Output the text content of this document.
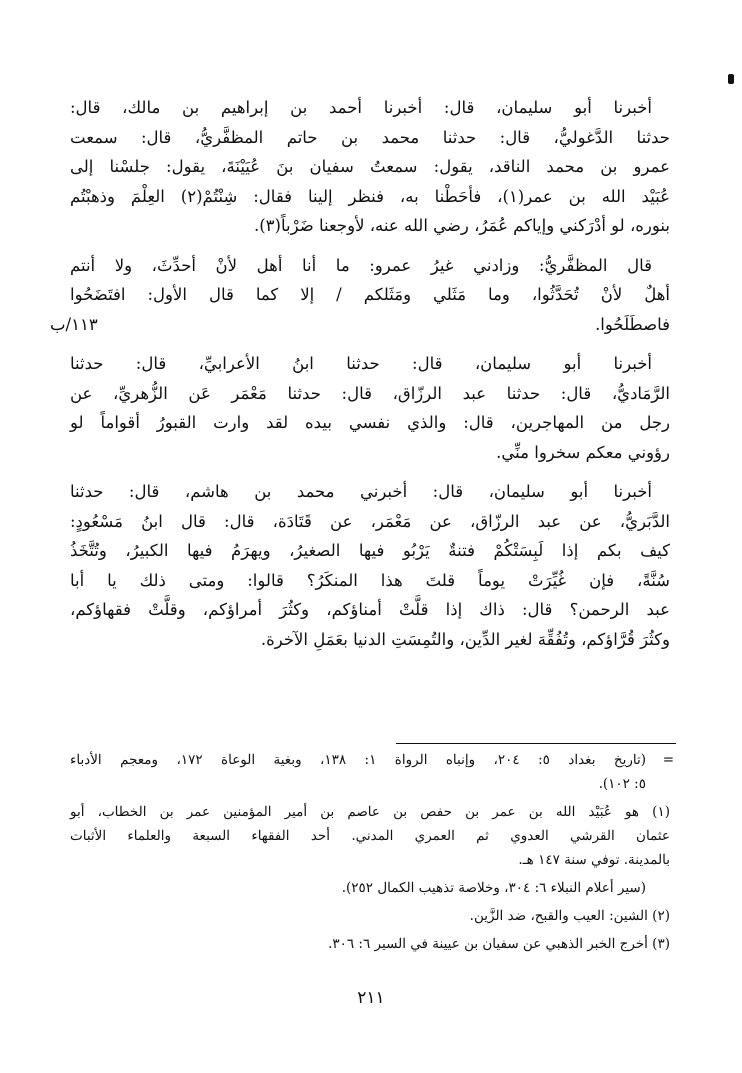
أخبرنا أبو سليمان، قال: أخبرنا أحمد بن إبراهيم بن مالك، قال:
حدثنا الدَّغوليُّ، قال: حدثنا محمد بن حاتم المظفَّريُّ، قال: سمعت
عمرو بن محمد الناقد، يقول: سمعتُ سفيان بنَ عُيَيْنَةَ، يقول: جلسْنا إلى
عُبَيْد الله بن عمر(١)، فأحَطْنا به، فنظر إلينا فقال: شِنْتُمْ(٢) العِلْمَ وذهبْتُم
بنوره، لو أدْرَكني وإياكم عُمَرُ، رضي الله عنه، لأوجعنا ضَرْباً(٣).
قال المظفَّريُّ: وزادني غيرُ عمرو: ما أنا أهل لأنْ أحدِّثَ، ولا أنتم
أهلٌ لأنْ تُحَدَّثُوا، وما مَثَلي ومَثَلكم / إلا كما قال الأول: افتَضَحُوا
فاصطَلَحُوا.
أخبرنا أبو سليمان، قال: حدثنا ابنُ الأعرابيِّ، قال: حدثنا
الرَّمَاديُّ، قال: حدثنا عبد الرزّاق، قال: حدثنا مَعْمَر عَن الزُّهريِّ، عن
رجل من المهاجرين، قال: والذي نفسي بيده لقد وارت القبورُ أقواماً لو
رؤوني معكم سخروا منِّي.
أخبرنا أبو سليمان، قال: أخبرني محمد بن هاشم، قال: حدثنا
الدَّبَريُّ، عن عبد الرزّاق، عن مَعْمَر، عن قَتَادَة، قال: قال ابنُ مَسْعُودٍ:
كيف بكم إذا لَبِسَتْكُمْ فتنةٌ يَرْبُو فيها الصغيرُ، ويهرَمُ فيها الكبيرُ، وتُتَّخَذُ
سُنَّةً، فإن غُيِّرَتْ يوماً قلتَ هذا المنكَرُ؟ قالوا: ومتى ذلك يا أبا
عبد الرحمن؟ قال: ذاك إذا قلَّتْ أمناؤكم، وكثُرَ أمراؤكم، وقلَّتْ فقهاؤكم،
وكثُرَ قُرَّاؤكم، وتُفُقِّهَ لغير الدِّين، والتُمِسَتِ الدنيا بعَمَلِ الآخرة.
١١٣/ب
=
(تاريخ بغداد ٥: ٢٠٤، وإنباه الرواة ١: ١٣٨، وبغية الوعاة ١٧٢، ومعجم الأدباء
٥: ١٠٢).
(١) هو عُبَيْد الله بن عمر بن حفص بن عاصم بن أمير المؤمنين عمر بن الخطاب، أبو
عثمان القرشي العدوي ثم العمري المدني. أحد الفقهاء السبعة والعلماء الأثبات
بالمدينة. توفي سنة ١٤٧ هـ.
(سير أعلام النبلاء ٦: ٣٠٤، وخلاصة تذهيب الكمال ٢٥٢).
(٢) الشين: العيب والقبح، ضد الزَّين.
(٣) أخرج الخبر الذهبي عن سفيان بن عيينة في السير ٦: ٣٠٦.
٢١١
